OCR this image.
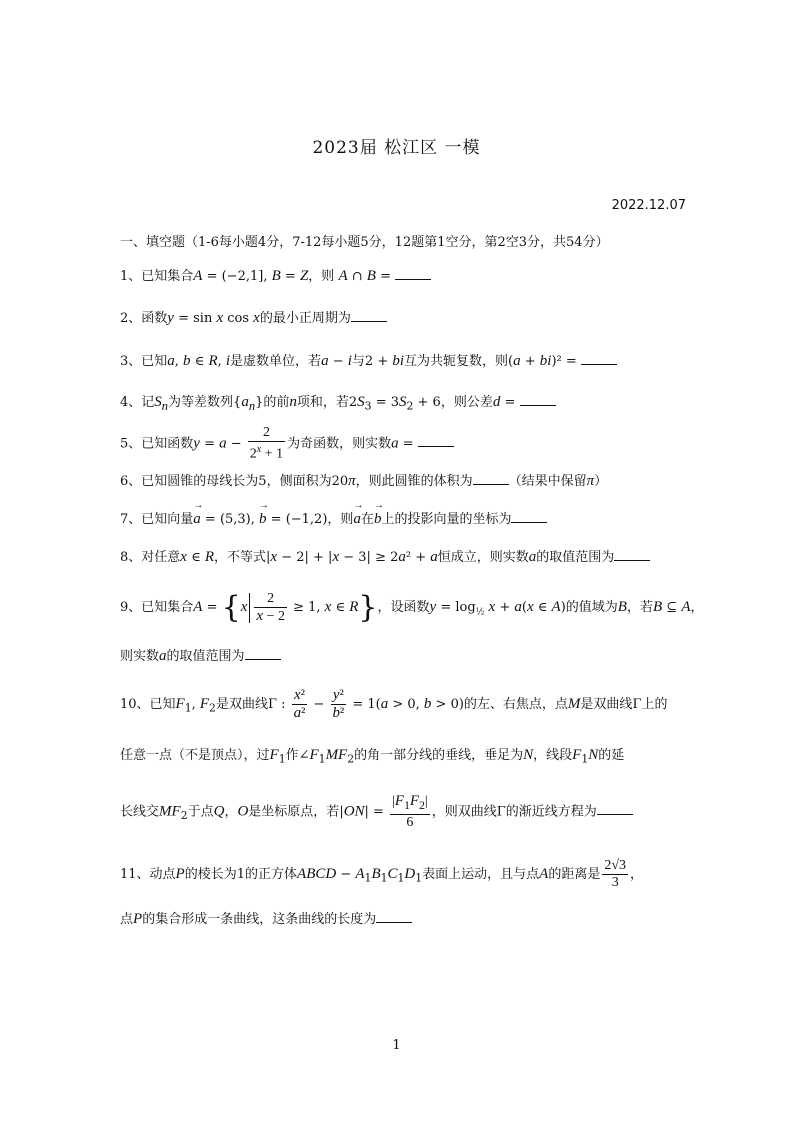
2023届 松江区 一模
2022.12.07
一、填空题（1-6每小题4分，7-12每小题5分，12题第1空分，第2空3分，共54分）
1、已知集合A = (−2,1], B = Z，则 A ∩ B =
2、函数y = sin x cos x的最小正周期为
3、已知a, b ∈ R, i是虚数单位，若a − i与2 + bi互为共轭复数，则(a + bi)² =
4、记$S_n$为等差数列$\{a_n\}$的前n项和，若$2S_3 = 3S_2 + 6$，则公差d =
5、已知函数$y = a - \frac{2}{2^x + 1}$ 为奇函数，则实数a =
6、已知圆锥的母线长为5，侧面积为20π，则此圆锥的体积为	（结果中保留π）
7、已知向量→ a = (5,3), → b = (−1,2)，则→ a在→ b上的投影向量的坐标为
8、对任意x ∈ R，不等式|x − 2| + |x − 3| ≥ 2a² + a恒成立，则实数a的取值范围为
9、已知集合$A = \{x \frac{2}{x - 2} \ge 1$, x ∈ R}，设函数$y = \log_{\frac{1}{2}} x + a(x$ ∈ A)的值域为B，若B ⊆ A，
则实数a的取值范围为
10、已知$F_1$, $F_2$是双曲线Γ : $\frac{\text{x²}}{\text{a²}} - \frac{\text{y²}}{\text{b²}} = 1(a > 0$, b > 0)的左、右焦点，点M是双曲线Γ上的
任意一点（不是顶点），过$F_1$作$\angle F_1MF_2$的角一部分线的垂线，垂足为N，线段$F_1N$的延
长线交$MF_2$于点Q，O是坐标原点，若$|ON| = \frac{|F_1F_2|}{6}$ ，则双曲线Γ的渐近线方程为
11、动点P的棱长为1的正方体ABCD − $A_1B_1C_1D_1$表面上运动，且与点A的距离是 $\frac{2√3}{3}$ ，
点P的集合形成一条曲线，这条曲线的长度为
1
